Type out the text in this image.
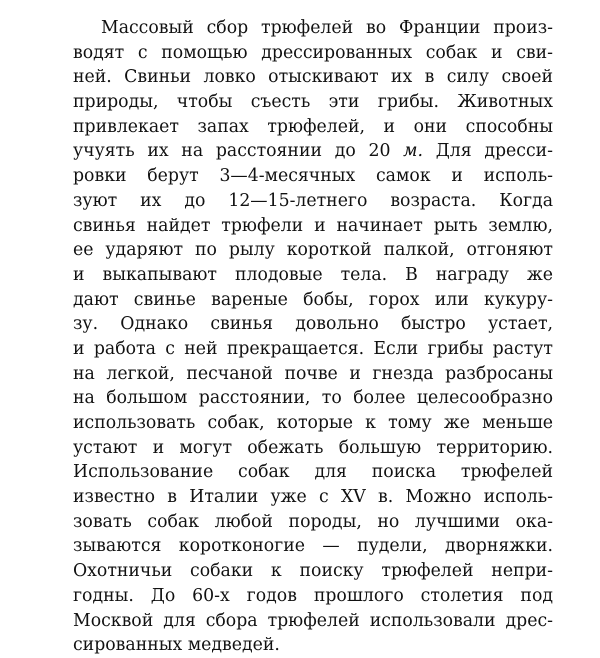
Массовый сбор трюфелей во Франции произ-
водят с помощью дрессированных собак и сви-
ней. Свиньи ловко отыскивают их в силу своей
природы, чтобы съесть эти грибы. Животных
привлекает запах трюфелей, и они способны
учуять их на расстоянии до 20 м. Для дресси-
ровки берут 3—4-месячных самок и исполь-
зуют их до 12—15-летнего возраста. Когда
свинья найдет трюфели и начинает рыть землю,
ее ударяют по рылу короткой палкой, отгоняют
и выкапывают плодовые тела. В награду же
дают свинье вареные бобы, горох или кукуру-
зу. Однако свинья довольно быстро устает,
и работа с ней прекращается. Если грибы растут
на легкой, песчаной почве и гнезда разбросаны
на большом расстоянии, то более целесообразно
использовать собак, которые к тому же меньше
устают и могут обежать большую территорию.
Использование собак для поиска трюфелей
известно в Италии уже с XV в. Можно исполь-
зовать собак любой породы, но лучшими ока-
зываются коротконогие — пудели, дворняжки.
Охотничьи собаки к поиску трюфелей непри-
годны. До 60-х годов прошлого столетия под
Москвой для сбора трюфелей использовали дрес-
сированных медведей.
